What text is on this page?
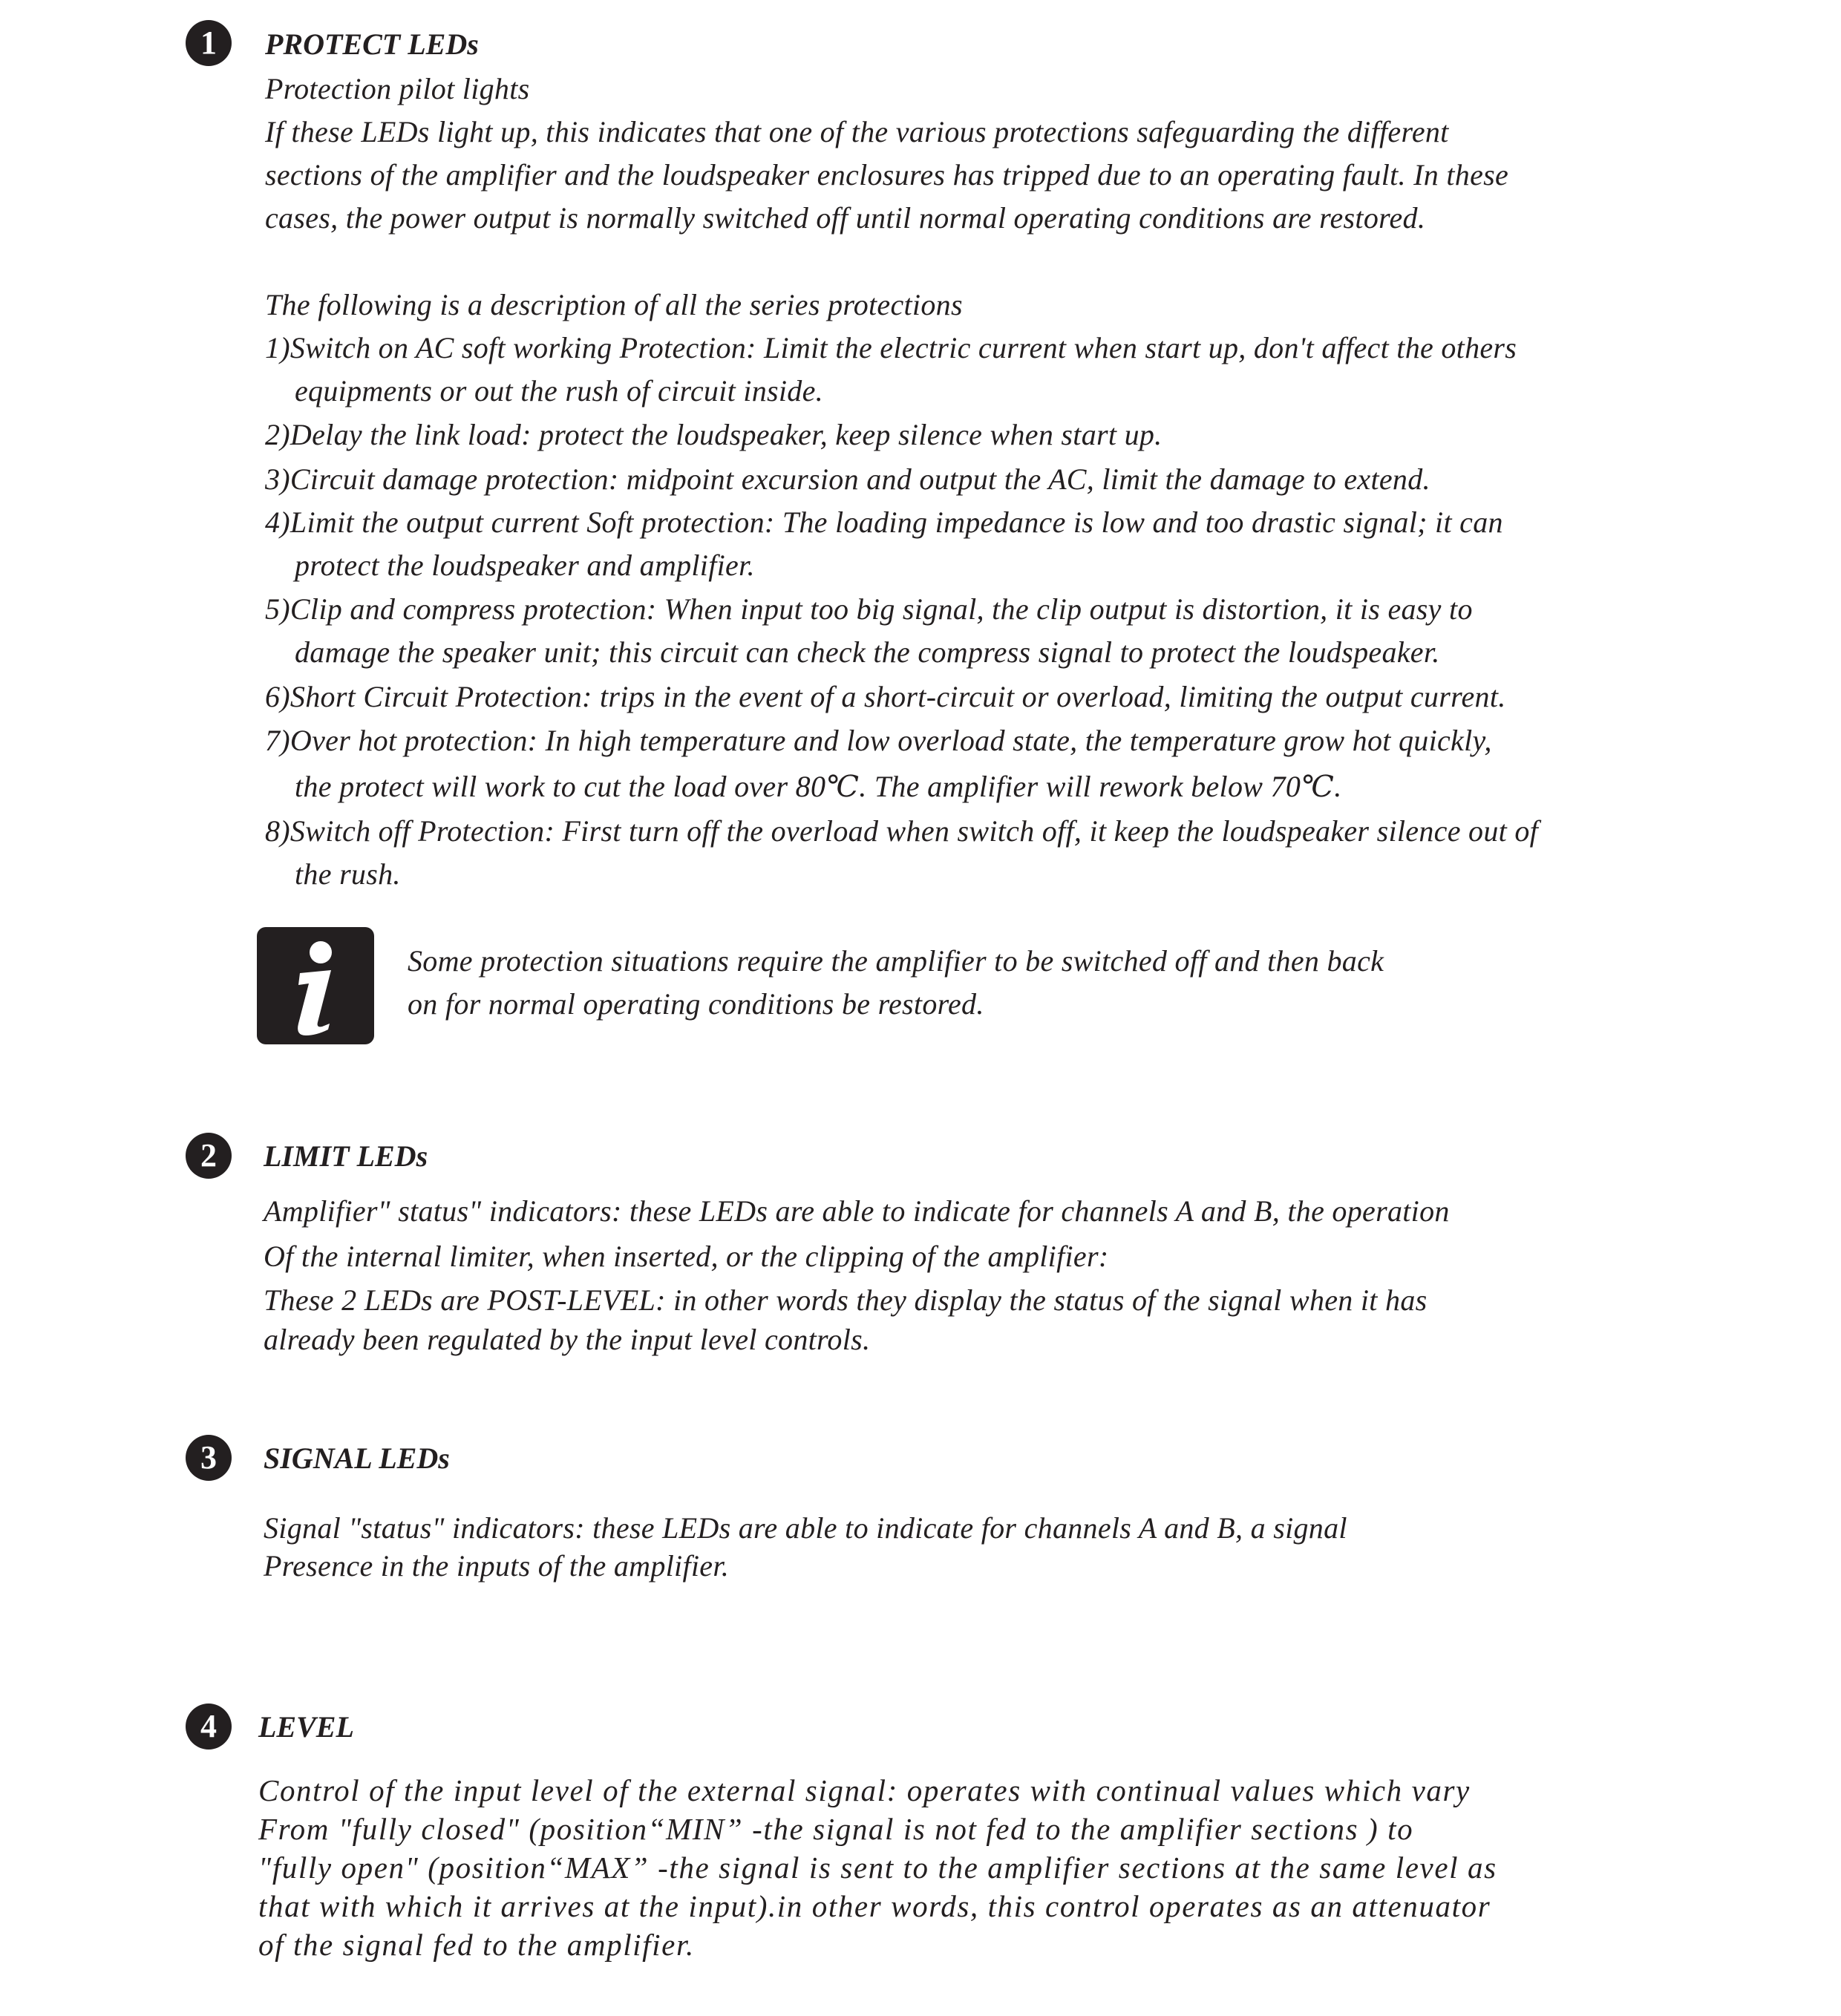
1	PROTECT LEDs
Protection pilot lights
If these LEDs light up, this indicates that one of the various protections safeguarding the different
sections of the amplifier and the loudspeaker enclosures has tripped due to an operating fault. In these
cases, the power output is normally switched off until normal operating conditions are restored.
The following is a description of all the series protections
1)Switch on AC soft working Protection: Limit the electric current when start up, don't affect the others
equipments or out the rush of circuit inside.
2)Delay the link load: protect the loudspeaker, keep silence when start up.
3)Circuit damage protection: midpoint excursion and output the AC, limit the damage to extend.
4)Limit the output current Soft protection: The loading impedance is low and too drastic signal; it can
protect the loudspeaker and amplifier.
5)Clip and compress protection: When input too big signal, the clip output is distortion, it is easy to
damage the speaker unit; this circuit can check the compress signal to protect the loudspeaker.
6)Short Circuit Protection: trips in the event of a short-circuit or overload, limiting the output current.
7)Over hot protection: In high temperature and low overload state, the temperature grow hot quickly,
the protect will work to cut the load over 80℃. The amplifier will rework below 70℃.
8)Switch off Protection: First turn off the overload when switch off, it keep the loudspeaker silence out of
the rush.
Some protection situations require the amplifier to be switched off and then back
on for normal operating conditions be restored.
2	LIMIT LEDs
Amplifier" status" indicators: these LEDs are able to indicate for channels A and B, the operation
Of the internal limiter, when inserted, or the clipping of the amplifier:
These 2 LEDs are POST-LEVEL: in other words they display the status of the signal when it has
already been regulated by the input level controls.
3	SIGNAL LEDs
Signal "status" indicators: these LEDs are able to indicate for channels A and B, a signal
Presence in the inputs of the amplifier.
4	LEVEL
Control of the input level of the external signal: operates with continual values which vary
From "fully closed" (position“MIN” -the signal is not fed to the amplifier sections ) to
"fully open" (position“MAX” -the signal is sent to the amplifier sections at the same level as
that with which it arrives at the input).in other words, this control operates as an attenuator
of the signal fed to the amplifier.
